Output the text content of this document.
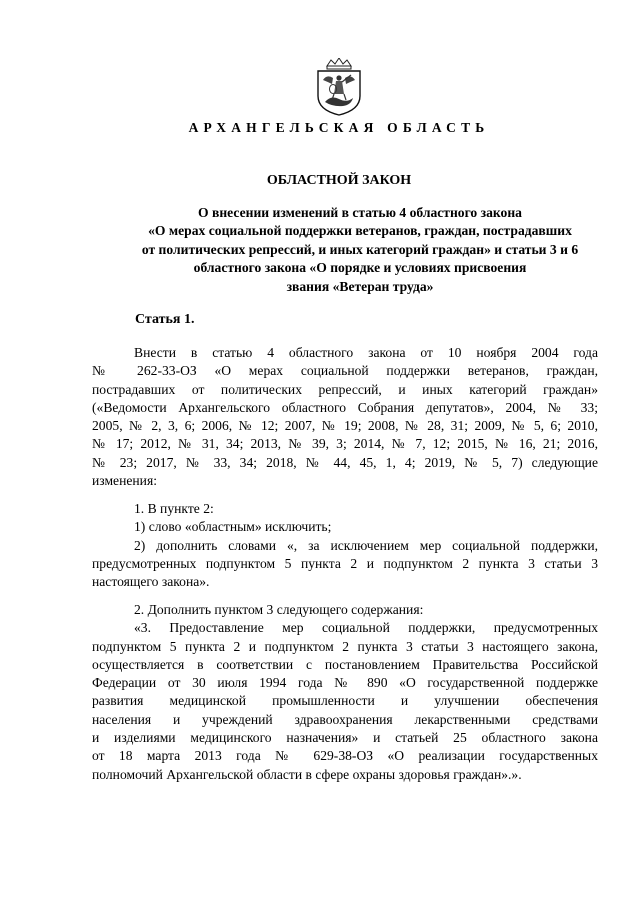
АРХАНГЕЛЬСКАЯ ОБЛАСТЬ
ОБЛАСТНОЙ ЗАКОН
О внесении изменений в статью 4 областного закона
«О мерах социальной поддержки ветеранов, граждан, пострадавших
от политических репрессий, и иных категорий граждан» и статьи 3 и 6
областного закона «О порядке и условиях присвоения
звания «Ветеран труда»
Статья 1.
Внести в статью 4 областного закона от 10 ноября 2004 года
№ 262-33-ОЗ «О мерах социальной поддержки ветеранов, граждан,
пострадавших от политических репрессий, и иных категорий граждан»
(«Ведомости Архангельского областного Собрания депутатов», 2004, № 33;
2005, № 2, 3, 6; 2006, № 12; 2007, № 19; 2008, № 28, 31; 2009, № 5, 6; 2010,
№ 17; 2012, № 31, 34; 2013, № 39, 3; 2014, № 7, 12; 2015, № 16, 21; 2016,
№ 23; 2017, № 33, 34; 2018, № 44, 45, 1, 4; 2019, № 5, 7) следующие
изменения:
1. В пункте 2:
1) слово «областным» исключить;
2) дополнить словами «, за исключением мер социальной поддержки,
предусмотренных подпунктом 5 пункта 2 и подпунктом 2 пункта 3 статьи 3
настоящего закона».
2. Дополнить пунктом 3 следующего содержания:
«3. Предоставление мер социальной поддержки, предусмотренных
подпунктом 5 пункта 2 и подпунктом 2 пункта 3 статьи 3 настоящего закона,
осуществляется в соответствии с постановлением Правительства Российской
Федерации от 30 июля 1994 года № 890 «О государственной поддержке
развития медицинской промышленности и улучшении обеспечения
населения и учреждений здравоохранения лекарственными средствами
и изделиями медицинского назначения» и статьей 25 областного закона
от 18 марта 2013 года № 629-38-ОЗ «О реализации государственных
полномочий Архангельской области в сфере охраны здоровья граждан».».
